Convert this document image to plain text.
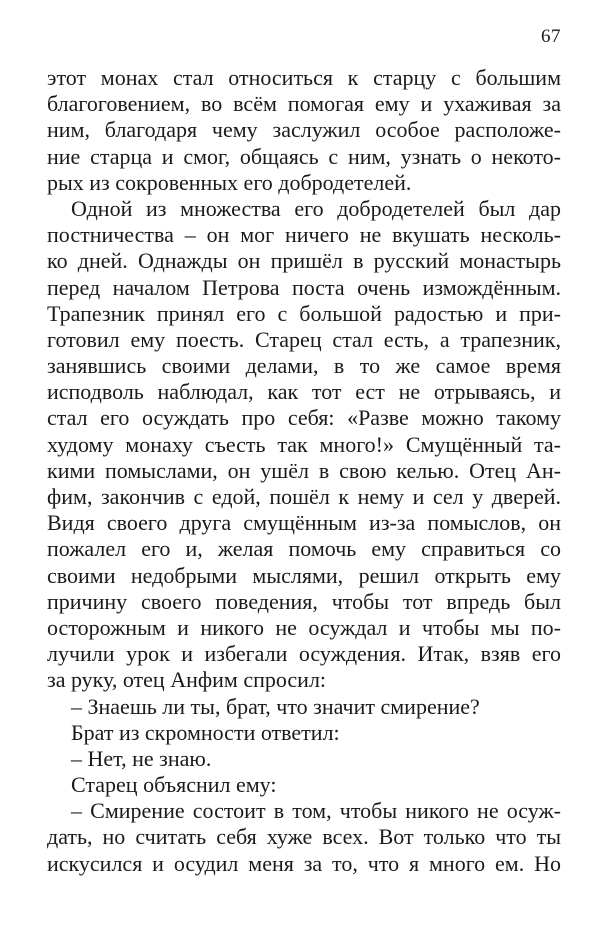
67
этот монах стал относиться к старцу с большим
благоговением, во всём помогая ему и ухаживая за
ним, благодаря чему заслужил особое расположе-
ние старца и смог, общаясь с ним, узнать о некото-
рых из сокровенных его добродетелей.
Одной из множества его добродетелей был дар
постничества – он мог ничего не вкушать несколь-
ко дней. Однажды он пришёл в русский монастырь
перед началом Петрова поста очень измождённым.
Трапезник принял его с большой радостью и при-
готовил ему поесть. Старец стал есть, а трапезник,
занявшись своими делами, в то же самое время
исподволь наблюдал, как тот ест не отрываясь, и
стал его осуждать про себя: «Разве можно такому
худому монаху съесть так много!» Смущённый та-
кими помыслами, он ушёл в свою келью. Отец Ан-
фим, закончив с едой, пошёл к нему и сел у дверей.
Видя своего друга смущённым из-за помыслов, он
пожалел его и, желая помочь ему справиться со
своими недобрыми мыслями, решил открыть ему
причину своего поведения, чтобы тот впредь был
осторожным и никого не осуждал и чтобы мы по-
лучили урок и избегали осуждения. Итак, взяв его
за руку, отец Анфим спросил:
– Знаешь ли ты, брат, что значит смирение?
Брат из скромности ответил:
– Нет, не знаю.
Старец объяснил ему:
– Смирение состоит в том, чтобы никого не осуж-
дать, но считать себя хуже всех. Вот только что ты
искусился и осудил меня за то, что я много ем. Но
